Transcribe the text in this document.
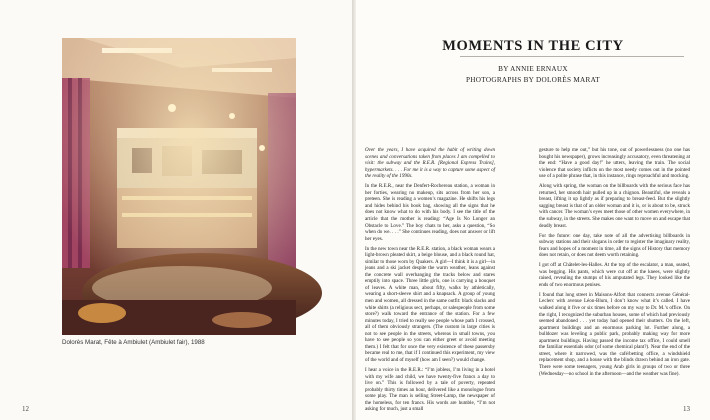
Dolorès Marat, Fête à Ambiulet (Ambiulet fair), 1988
12
MOMENTS IN THE CITY
BY ANNIE ERNAUX
PHOTOGRAPHS BY DOLORÈS MARAT

Over the years, I have acquired the habit of writing down scenes and conversations taken from places I am compelled to visit: the subway and the R.E.R. [Regional Express Trains], hypermarkets. . . . For me it is a way to capture some aspect of the reality of the 1990s.

In the R.E.R., near the Denfert-Rochereau station, a woman in her forties, wearing no makeup, sits across from her son, a preteen. She is reading a women’s magazine. He shifts his legs and hides behind his book bag, showing all the signs that he does not know what to do with his body. I see the title of the article that the mother is reading: “Age Is No Longer an Obstacle to Love.” The boy chats to her, asks a question, “So when do we. . . .” She continues reading, does not answer or lift her eyes.

In the new town near the R.E.R. station, a black woman wears a light-brown pleated skirt, a beige blouse, and a black round hat, similar to those worn by Quakers. A girl—I think it is a girl—in jeans and a ski jacket despite the warm weather, leans against the concrete wall overhanging the tracks below and stares emptily into space. Three little girls, one is carrying a bouquet of leaves. A white man, about fifty, walks by athletically, wearing a short-sleeve shirt and a knapsack. A group of young men and women, all dressed in the same outfit: black slacks and white shirts (a religious sect, perhaps, or salespeople from some store?) walk toward the entrance of the station. For a few minutes today, I tried to really see people whose path I crossed, all of them obviously strangers. (The custom in large cities is not to see people in the streets, whereas in small towns, you have to see people so you can either greet or avoid meeting them.) I felt that for once the very existence of these passersby became real to me, that if I continued this experiment, my view of the world and of myself (how am I seen?) would change.

I hear a voice in the R.E.R.: “I’m jobless, I’m living in a hotel with my wife and child, we have twenty-five francs a day to live on.” This is followed by a tale of poverty, repeated probably thirty times an hour, delivered like a monologue from some play. The man is selling Street-Lamp, the newspaper of the homeless, for ten francs. His words are humble, “I’m not asking for much, just a small

gesture to help me out,” but his tone, out of powerlessness (no one has bought his newspaper), grows increasingly accusatory, even threatening at the end: “Have a good day!” he utters, leaving the train. The social violence that society inflicts on the most needy comes out in the pointed use of a polite phrase that, in this instance, rings reproachful and mocking.

Along with spring, the woman on the billboards with the serious face has returned, her smooth hair pulled up in a chignon. Beautiful, she reveals a breast, lifting it up lightly as if preparing to breast-feed. But the slightly sagging breast is that of an older woman and it is, or is about to be, struck with cancer. The woman’s eyes meet those of other women everywhere, in the subway, in the streets. She makes one want to move on and escape that deadly breast.

For the future: one day, take note of all the advertising billboards in subway stations and their slogans in order to register the imaginary reality, fears and hopes of a moment in time, all the signs of History that memory does not retain, or does not deem worth retaining.

I got off at Châtelet-les-Halles. At the top of the escalator, a man, seated, was begging. His pants, which were cut off at the knees, were slightly raised, revealing the stumps of his amputated legs. They looked like the ends of two enormous penises.

I found that long street in Maisons-Alfort that connects avenue Général-Leclerc with avenue Léon-Blum, I don’t know what it’s called. I have walked along it five or six times before on my way to Dr. M.’s office. On the right, I recognized the suburban houses, some of which had previously seemed abandoned . . . yet today had opened their shutters. On the left, apartment buildings and an enormous parking lot. Further along, a bulldozer was leveling a public park, probably making way for more apartment buildings. Having passed the income tax office, I could smell the familiar essentials odor (of some chemical plant?). Near the end of the street, where it narrowed, was the café/betting office, a windshield replacement shop, and a house with the blinds drawn behind an iron gate. There were some teenagers, young Arab girls in groups of two or three (Wednesday—no school in the afternoon—and the weather was fine).

13
